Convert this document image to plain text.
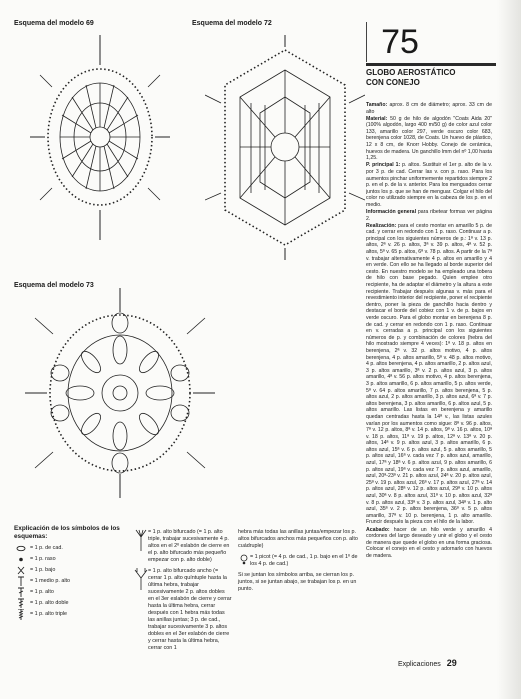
Esquema del modelo 69	Esquema del modelo 72
Esquema del modelo 73
75
GLOBO AEROSTÁTICO
CON CONEJO

Tamaño: aprox. 8 cm de diámetro; aprox. 33 cm de alto

Material: 50 g de hilo de algodón "Coats Aida 20" (100% algodón, largo 400 m/50 g) de color azul color 133, amarillo color 297, verde oscuro color 683, berenjena color 1028, de Coats. Un huevo de plástico, 12 x 8 cm, de Knorr Hobby. Conejo de cerámica, huevos de madera. Un ganchillo lmm del nº 1,00 hasta 1,25.

P. principal 1: p. altos. Sustituir el 1er p. alto de la v. por 3 p. de cad. Cerrar las v. con p. raso. Para los aumentos pinchar uniformemente repartidos siempre 2 p. en el p. de la v. anterior. Para los menguados cerrar juntos los p. que se han de menguar. Colgar el hilo del color no utilizado siempre en la cabeza de los p. en el medio.

Información general para ribetear formas ver página 2.

Realización: para el cesto montar en amarillo 5 p. de cad. y cerrar en redondo con 1 p. raso. Continuar a p. principal con los siguientes números de p.: 1ª v. 13 p. altos, 2ª v. 26 p. altos, 3ª v. 39 p. altos, 4ª v. 52 p. altos, 5ª v. 65 p. altos, 6ª v. 78 p. altos. A partir de la 7ª v. trabajar alternativamente 4 p. altos en amarillo y 4 en verde. Con ello se ha llegado al borde superior del cesto. En nuestro modelo se ha empleado una tobera de hilo con base pegado. Quien emplee otro recipiente, ha de adaptar el diámetro y la altura a este recipiente. Trabajar después algunas v. más para el revestimiento interior del recipiente, poner el recipiente dentro, poner la pieza de ganchillo hacia dentro y destacar el borde del cobiez con 1 v. de p. bajos en verde oscuro. Para el globo montar en berenjena 8 p. de cad. y cerrar en redondo con 1 p. raso. Continuar en v. cerradas a p. principal con los siguientes números de p. y combinación de colores (hebra del hilo mostrado siempre 4 veces): 1ª v. 18 p. altos en berenjena, 2ª v. 32 p. altos motivo, 4 p. altos berenjena, 4 p. altos amarillo, 5ª v. 48 p. altos motivo, 4 p. altos berenjena, 4 p. altos amarillo, 2 p. altos azul, 3 p. altos amarillo, 3ª v. 2 p. altos azul, 3 p. altos amarillo, 4ª v. 56 p. altos motivo, 4 p. altos berenjena, 3 p. altos amarillo, 6 p. altos amarillo, 5 p. altos verde, 5ª v. 64 p. altos amarillo, 7 p. altos berenjena, 5 p. altos azul, 2 p. altos amarillo, 3 p. altos azul, 6ª v. 7 p. altos berenjena, 3 p. altos amarillo, 6 p. altos azul, 5 p. altos amarillo. Las listas en berenjena y amarillo quedan centradas hasta la 14ª v., las listas azules varían por los aumentos como sigue: 8ª v. 96 p. altos, 7ª v. 12 p. altos, 8ª v. 14 p. altos, 9ª v. 16 p. altos, 10ª v. 18 p. altos, 11ª v. 19 p. altos, 12ª v. 13ª v. 20 p. altos, 14ª v. 9 p. altos azul, 3 p. altos amarillo, 6 p. altos azul, 15ª v. 6 p. altos azul, 5 p. altos amarillo, 5 p. altos azul, 16ª v. cada vez 7 p. altos azul, amarillo, azul, 17ª y 18ª v. 6 p. altos azul, 9 p. altos amarillo, 6 p. altos azul, 19ª v. cada vez 7 p. altos azul, amarillo, azul, 20ª-23ª v. 21 p. altos azul, 24ª v. 20 p. altos azul, 25ª v. 19 p. altos azul, 26ª v. 17 p. altos azul, 27ª v. 14 p. altos azul, 28ª v. 12 p. altos azul, 29ª v. 10 p. altos azul, 30ª v. 8 p. altos azul, 31ª v. 10 p. altos azul, 32ª v. 8 p. altos azul, 33ª v. 3 p. altos azul, 34ª v. 1 p. alto azul, 35ª v. 2 p. altos berenjena, 36ª v. 5 p. altos amarillo, 37ª v. 10 p. berenjena, 1 p. alto amarillo. Fruncir después la pieza con el hilo de la labor.

Acabado: hacer de un hilo verde y amarillo 4 cordones del largo deseado y unir el globo y el cesto de manera que quede el globo en una forma graciosa. Colocar el conejo en el cesto y adornarlo con huevos de madera.

Explicación de los símbolos de los esquemas:
= 1 p. de cad.
= 1 p. raso
= 1 p. bajo
= 1 medio p. alto
= 1 p. alto
= 1 p. alto doble
= 1 p. alto triple

= 1 p. alto bifurcado (= 1 p. alto triple, trabajar sucesivamente 4 p. altos en el 2º eslabón de cierre en el p. alto bifurcado más pequeño empezar con p. alto doble)

= 1 p. alto bifurcado ancho (= cerrar 1 p. alto quíntuple hasta la última hebra, trabajar sucesivamente 2 p. altos dobles en el 3er eslabón de cierre y cerrar hasta la última hebra, cerrar después con 1 hebra más todas las anillas juntas; 3 p. de cad., trabajar sucesivamente 3 p. altos dobles en el 3er eslabón de cierre y cerrar hasta la última hebra, cerrar con 1

hebra más todas las anillas juntas/empezar los p. altos bifurcados anchos más pequeños con p. alto cuádruple)

= 1 picot (= 4 p. de cad., 1 p. bajo en el 1º de los 4 p. de cad.)

Si se juntan los símbolos arriba, se cierran los p. juntos, si se juntan abajo, se trabajan los p. en un punto.

Explicaciones 29
